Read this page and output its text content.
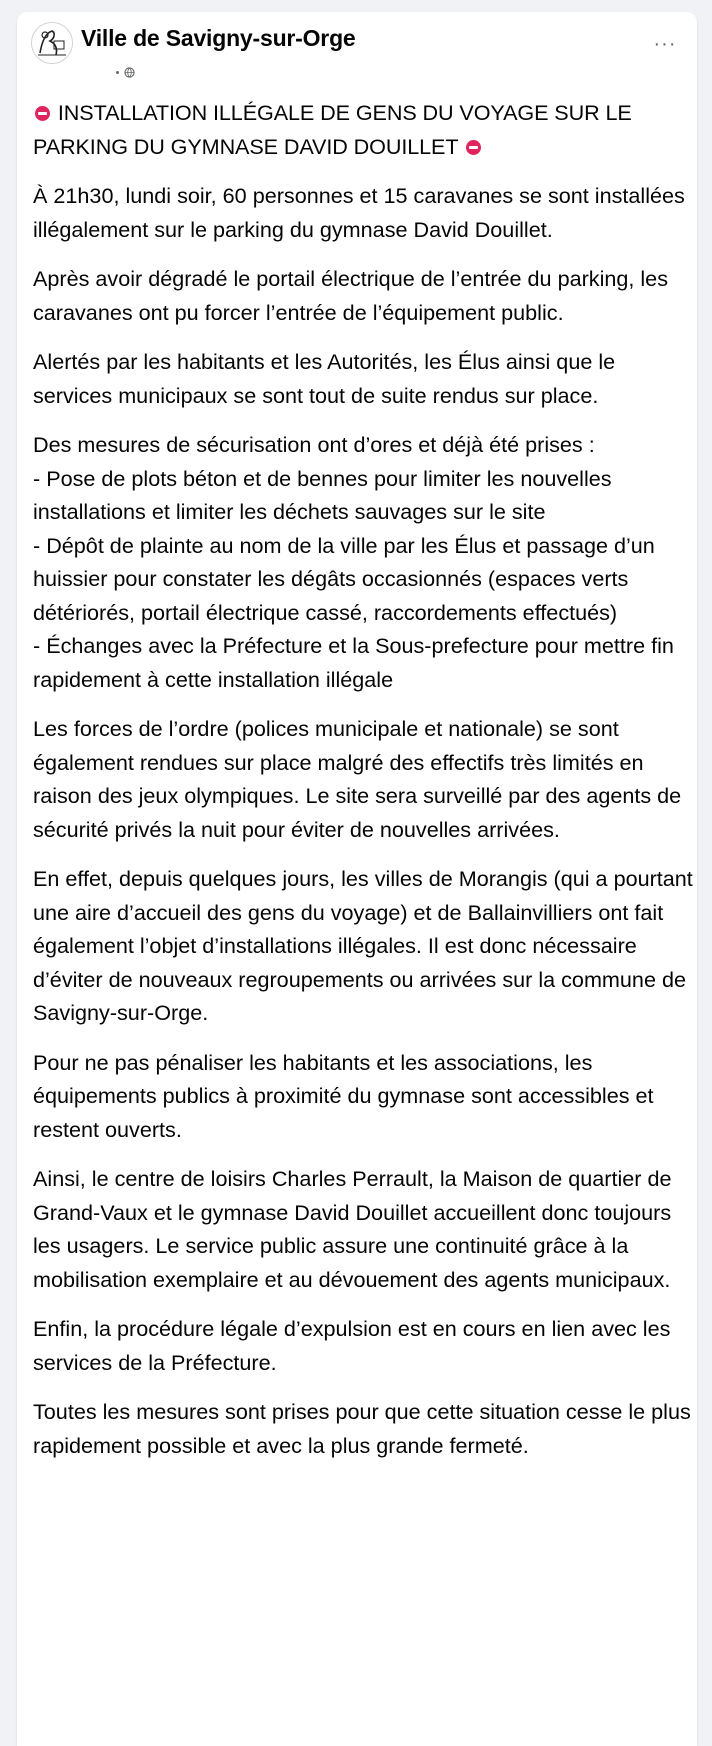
Ville de Savigny-sur-Orge	···

INSTALLATION ILLÉGALE DE GENS DU VOYAGE SUR LE PARKING DU GYMNASE DAVID DOUILLET

À 21h30, lundi soir, 60 personnes et 15 caravanes se sont installées illégalement sur le parking du gymnase David Douillet.

Après avoir dégradé le portail électrique de l’entrée du parking, les caravanes ont pu forcer l’entrée de l’équipement public.

Alertés par les habitants et les Autorités, les Élus ainsi que le services municipaux se sont tout de suite rendus sur place.

Des mesures de sécurisation ont d’ores et déjà été prises :
- Pose de plots béton et de bennes pour limiter les nouvelles installations et limiter les déchets sauvages sur le site
- Dépôt de plainte au nom de la ville par les Élus et passage d’un huissier pour constater les dégâts occasionnés (espaces verts détériorés, portail électrique cassé, raccordements effectués)
- Échanges avec la Préfecture et la Sous-prefecture pour mettre fin rapidement à cette installation illégale

Les forces de l’ordre (polices municipale et nationale) se sont également rendues sur place malgré des effectifs très limités en raison des jeux olympiques. Le site sera surveillé par des agents de sécurité privés la nuit pour éviter de nouvelles arrivées.

En effet, depuis quelques jours, les villes de Morangis (qui a pourtant une aire d’accueil des gens du voyage) et de Ballainvilliers ont fait également l’objet d’installations illégales. Il est donc nécessaire d’éviter de nouveaux regroupements ou arrivées sur la commune de Savigny-sur-Orge.

Pour ne pas pénaliser les habitants et les associations, les équipements publics à proximité du gymnase sont accessibles et restent ouverts.

Ainsi, le centre de loisirs Charles Perrault, la Maison de quartier de Grand-Vaux et le gymnase David Douillet accueillent donc toujours les usagers. Le service public assure une continuité grâce à la mobilisation exemplaire et au dévouement des agents municipaux.

Enfin, la procédure légale d’expulsion est en cours en lien avec les services de la Préfecture.

Toutes les mesures sont prises pour que cette situation cesse le plus rapidement possible et avec la plus grande fermeté.
